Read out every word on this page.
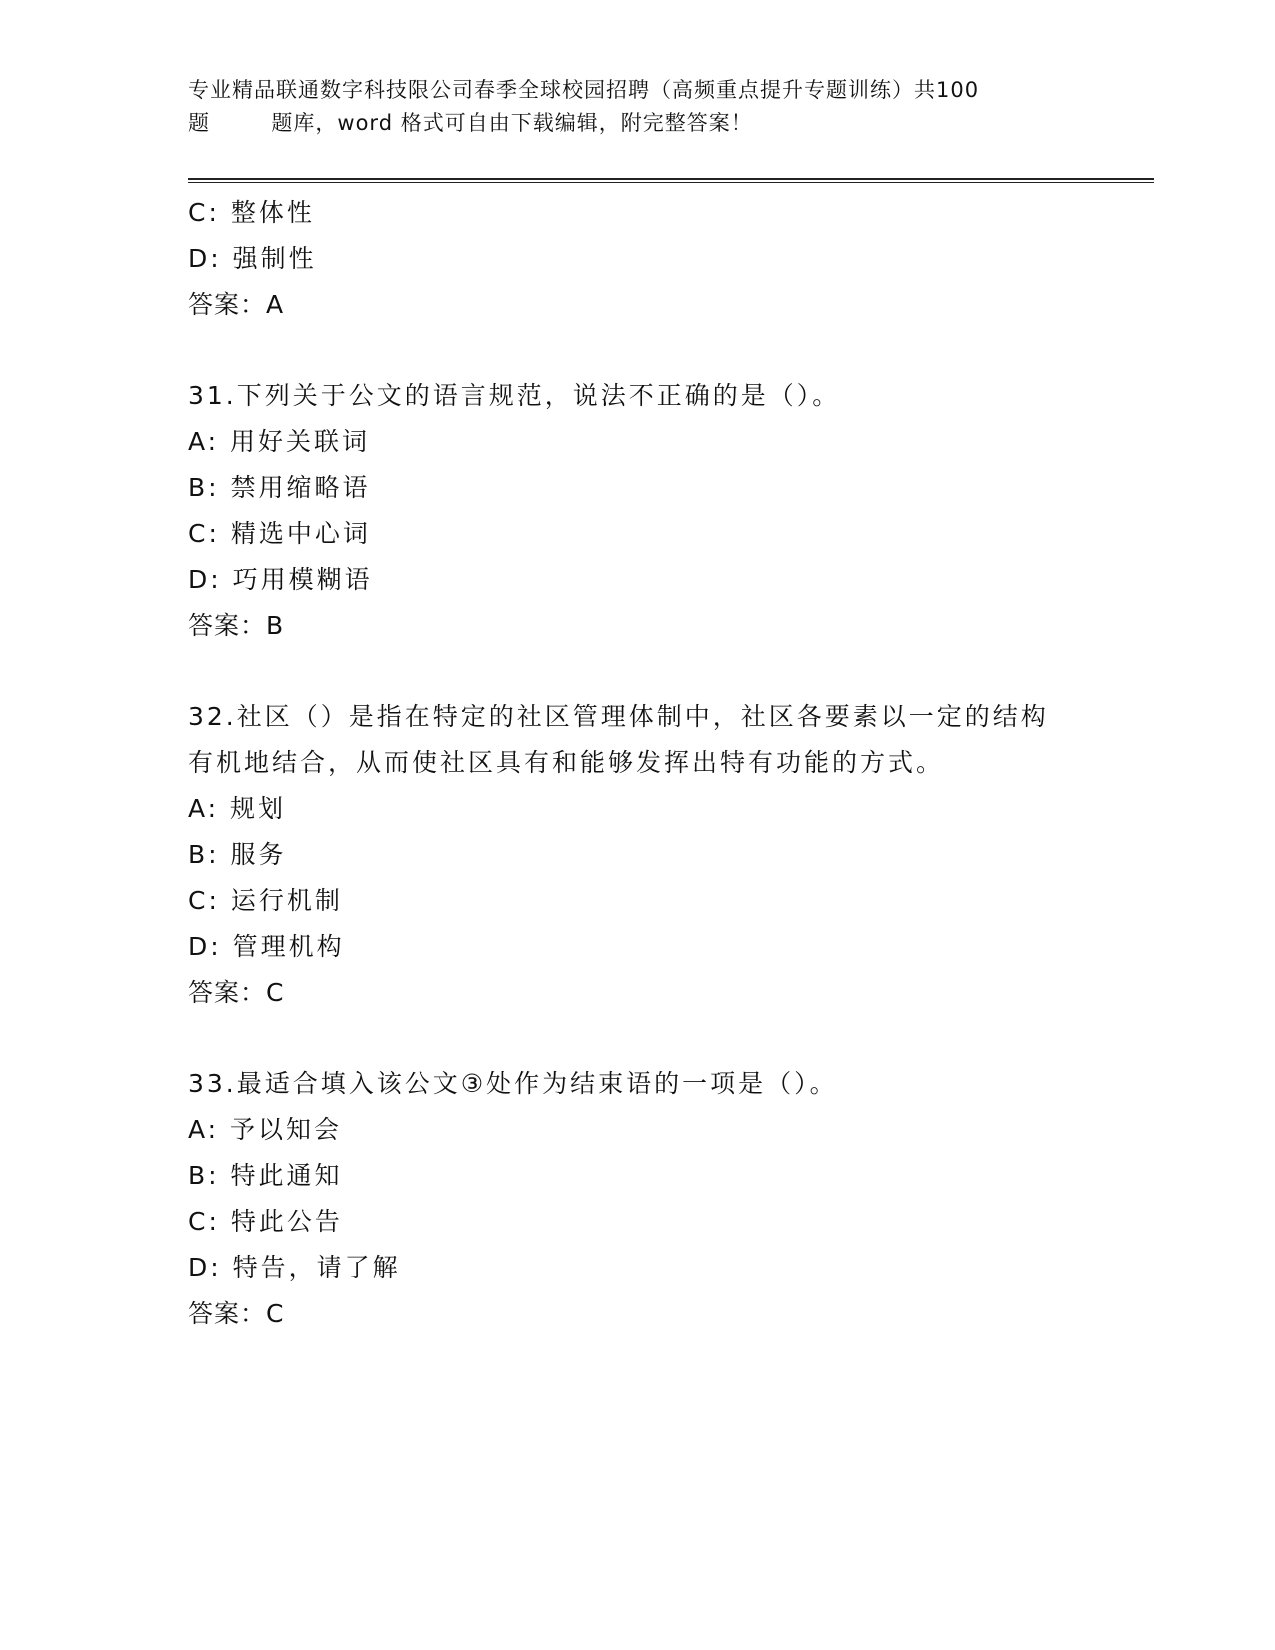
专业精品联通数字科技限公司春季全球校园招聘（高频重点提升专题训练）共100

题        题库，word 格式可自由下载编辑，附完整答案！
C: 整体性
D: 强制性
答案：A
31.下列关于公文的语言规范，说法不正确的是（）。
A: 用好关联词
B: 禁用缩略语
C: 精选中心词
D: 巧用模糊语
答案：B
32.社区（）是指在特定的社区管理体制中，社区各要素以一定的结构
有机地结合，从而使社区具有和能够发挥出特有功能的方式。
A: 规划
B: 服务
C: 运行机制
D: 管理机构
答案：C
33.最适合填入该公文③处作为结束语的一项是（）。
A: 予以知会
B: 特此通知
C: 特此公告
D: 特告，请了解
答案：C
